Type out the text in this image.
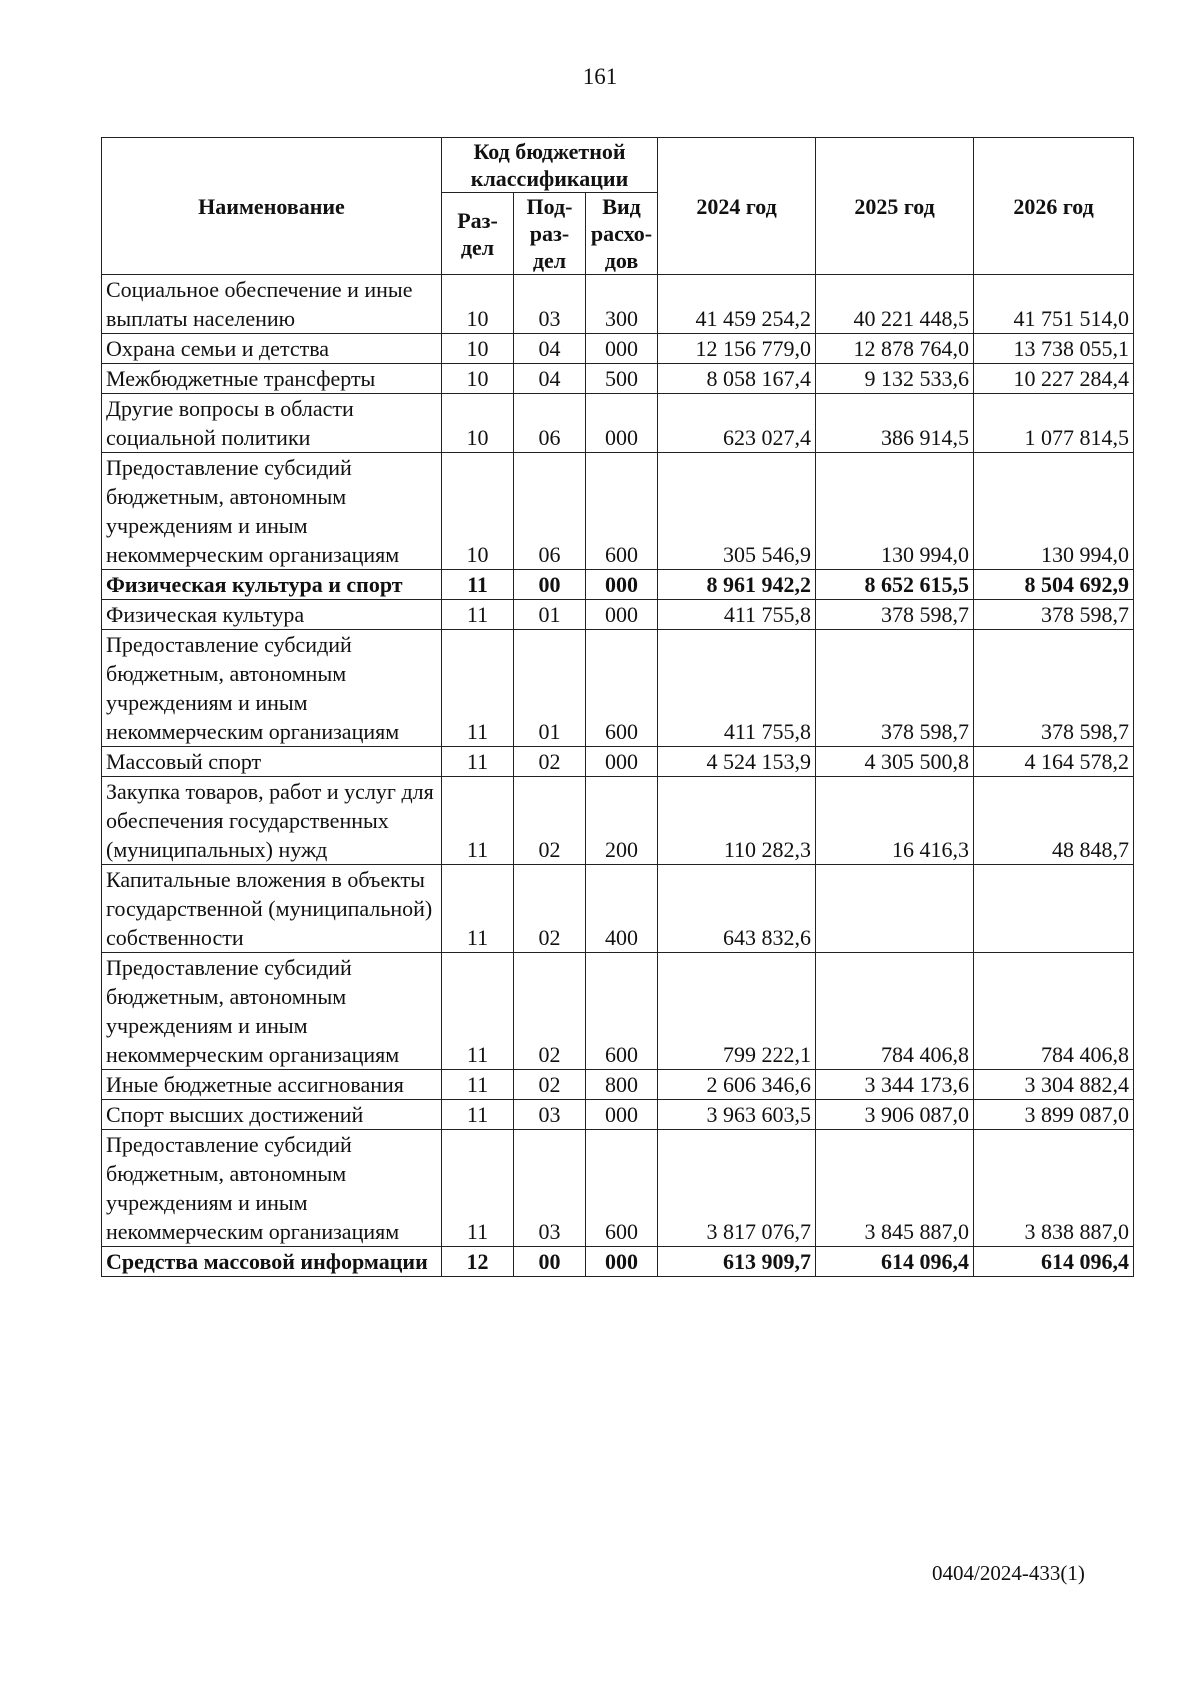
161
Наименование	Код бюджетной классификации			2024 год	2025 год	2026 год
	Раз-дел	Под-раз-дел	Вид расхо-дов			
Социальное обеспечение и иные выплаты населению	10	03	300	41 459 254,2	40 221 448,5	41 751 514,0
Охрана семьи и детства	10	04	000	12 156 779,0	12 878 764,0	13 738 055,1
Межбюджетные трансферты	10	04	500	8 058 167,4	9 132 533,6	10 227 284,4
Другие вопросы в области социальной политики	10	06	000	623 027,4	386 914,5	1 077 814,5
Предоставление субсидий бюджетным, автономным учреждениям и иным некоммерческим организациям	10	06	600	305 546,9	130 994,0	130 994,0
Физическая культура и спорт	11	00	000	8 961 942,2	8 652 615,5	8 504 692,9
Физическая культура	11	01	000	411 755,8	378 598,7	378 598,7
Предоставление субсидий бюджетным, автономным учреждениям и иным некоммерческим организациям	11	01	600	411 755,8	378 598,7	378 598,7
Массовый спорт	11	02	000	4 524 153,9	4 305 500,8	4 164 578,2
Закупка товаров, работ и услуг для обеспечения государственных (муниципальных) нужд	11	02	200	110 282,3	16 416,3	48 848,7
Капитальные вложения в объекты государственной (муниципальной) собственности	11	02	400	643 832,6		
Предоставление субсидий бюджетным, автономным учреждениям и иным некоммерческим организациям	11	02	600	799 222,1	784 406,8	784 406,8
Иные бюджетные ассигнования	11	02	800	2 606 346,6	3 344 173,6	3 304 882,4
Спорт высших достижений	11	03	000	3 963 603,5	3 906 087,0	3 899 087,0
Предоставление субсидий бюджетным, автономным учреждениям и иным некоммерческим организациям	11	03	600	3 817 076,7	3 845 887,0	3 838 887,0
Средства массовой информации	12	00	000	613 909,7	614 096,4	614 096,4
0404/2024-433(1)
